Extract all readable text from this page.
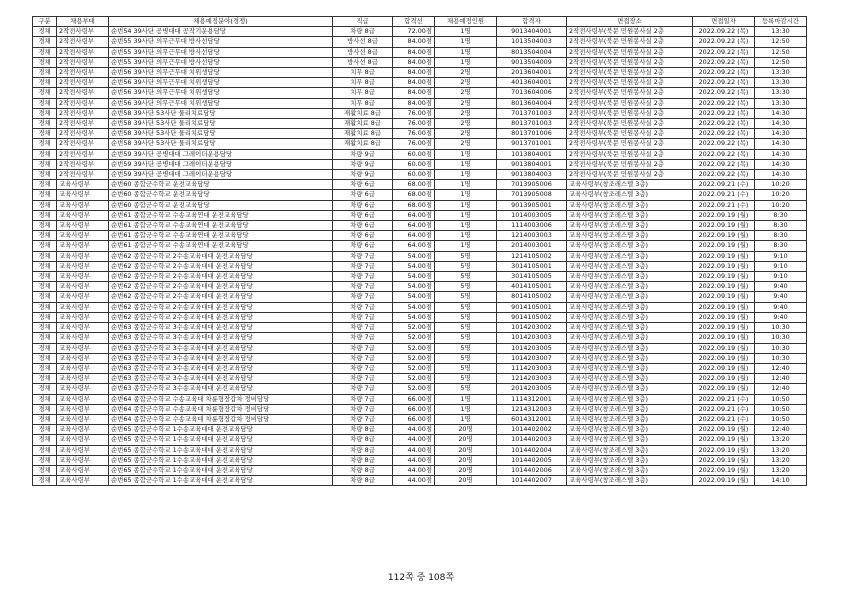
구분	채용부대	채용예정분야(경쟁)	직급	합격선	채용예정인원	합격자	면접장소	면접일자	등록마감시간
경채	2작전사령부	순번54 39사단 공병대대 공작기운용담당	차량 8급	72.00점	1명	9013404001	2작전사령부(북문 민원봉사실 2층	2022.09.22 (목)	13:30
경채	2작전사령부	순번55 39사단 의무근무대 방사선담당	방사선 8급	84.00점	1명	1013504003	2작전사령부(북문 민원봉사실 2층	2022.09.22 (목)	12:50
경채	2작전사령부	순번55 39사단 의무근무대 방사선담당	방사선 8급	84.00점	1명	8013504004	2작전사령부(북문 민원봉사실 2층	2022.09.22 (목)	12:50
경채	2작전사령부	순번55 39사단 의무근무대 방사선담당	방사선 8급	84.00점	1명	9013504009	2작전사령부(북문 민원봉사실 2층	2022.09.22 (목)	12:50
경채	2작전사령부	순번56 39사단 의무근무대 치위생담당	치무 8급	84.00점	2명	2013604001	2작전사령부(북문 민원봉사실 2층	2022.09.22 (목)	13:30
경채	2작전사령부	순번56 39사단 의무근무대 치위생담당	치무 8급	84.00점	2명	4013604001	2작전사령부(북문 민원봉사실 2층	2022.09.22 (목)	13:30
경채	2작전사령부	순번56 39사단 의무근무대 치위생담당	치무 8급	84.00점	2명	7013604006	2작전사령부(북문 민원봉사실 2층	2022.09.22 (목)	13:30
경채	2작전사령부	순번56 39사단 의무근무대 치위생담당	치무 8급	84.00점	2명	8013604004	2작전사령부(북문 민원봉사실 2층	2022.09.22 (목)	13:30
경채	2작전사령부	순번58 39사단 53사단 물리치료담당	재활치료 8급	76.00점	2명	7013701003	2작전사령부(북문 민원봉사실 2층	2022.09.22 (목)	14:30
경채	2작전사령부	순번58 39사단 53사단 물리치료담당	재활치료 8급	76.00점	2명	8013701003	2작전사령부(북문 민원봉사실 2층	2022.09.22 (목)	14:30
경채	2작전사령부	순번58 39사단 53사단 물리치료담당	재활치료 8급	76.00점	2명	8013701006	2작전사령부(북문 민원봉사실 2층	2022.09.22 (목)	14:30
경채	2작전사령부	순번58 39사단 53사단 물리치료담당	재활치료 8급	76.00점	2명	9013701001	2작전사령부(북문 민원봉사실 2층	2022.09.22 (목)	14:30
경채	2작전사령부	순번59 39사단 공병대대 그레이더운용담당	차량 9급	60.00점	1명	1013804001	2작전사령부(북문 민원봉사실 2층	2022.09.22 (목)	14:30
경채	2작전사령부	순번59 39사단 공병대대 그레이더운용담당	차량 9급	60.00점	1명	9013804001	2작전사령부(북문 민원봉사실 2층	2022.09.22 (목)	14:30
경채	2작전사령부	순번59 39사단 공병대대 그레이더운용담당	차량 9급	60.00점	1명	9013804003	2작전사령부(북문 민원봉사실 2층	2022.09.22 (목)	14:30
경채	교육사령부	순번60 종합군수학교 운전교육담당	차량 6급	68.00점	1명	7013905006	교육사령부(창조레스텔 3층)	2022.09.21 (수)	10:20
경채	교육사령부	순번60 종합군수학교 운전교육담당	차량 6급	68.00점	1명	7013905008	교육사령부(창조레스텔 3층)	2022.09.21 (수)	10:20
경채	교육사령부	순번60 종합군수학교 운전교육담당	차량 6급	68.00점	1명	9013905001	교육사령부(창조레스텔 3층)	2022.09.21 (수)	10:20
경채	교육사령부	순번61 종합군수학교 수송교육연대 운전교육담당	차량 6급	64.00점	1명	1014003005	교육사령부(창조레스텔 3층)	2022.09.19 (월)	8:30
경채	교육사령부	순번61 종합군수학교 수송교육연대 운전교육담당	차량 6급	64.00점	1명	1114003006	교육사령부(창조레스텔 3층)	2022.09.19 (월)	8:30
경채	교육사령부	순번61 종합군수학교 수송교육연대 운전교육담당	차량 6급	64.00점	1명	1214003003	교육사령부(창조레스텔 3층)	2022.09.19 (월)	8:30
경채	교육사령부	순번61 종합군수학교 수송교육연대 운전교육담당	차량 6급	64.00점	1명	2014003001	교육사령부(창조레스텔 3층)	2022.09.19 (월)	8:30
경채	교육사령부	순번62 종합군수학교 2수송교육대대 운전교육담당	차량 7급	54.00점	5명	1214105002	교육사령부(창조레스텔 3층)	2022.09.19 (월)	9:10
경채	교육사령부	순번62 종합군수학교 2수송교육대대 운전교육담당	차량 7급	54.00점	5명	3014105001	교육사령부(창조레스텔 3층)	2022.09.19 (월)	9:10
경채	교육사령부	순번62 종합군수학교 2수송교육대대 운전교육담당	차량 7급	54.00점	5명	3014105005	교육사령부(창조레스텔 3층)	2022.09.19 (월)	9:10
경채	교육사령부	순번62 종합군수학교 2수송교육대대 운전교육담당	차량 7급	54.00점	5명	4014105001	교육사령부(창조레스텔 3층)	2022.09.19 (월)	9:40
경채	교육사령부	순번62 종합군수학교 2수송교육대대 운전교육담당	차량 7급	54.00점	5명	8014105002	교육사령부(창조레스텔 3층)	2022.09.19 (월)	9:40
경채	교육사령부	순번62 종합군수학교 2수송교육대대 운전교육담당	차량 7급	54.00점	5명	9014105001	교육사령부(창조레스텔 3층)	2022.09.19 (월)	9:40
경채	교육사령부	순번62 종합군수학교 2수송교육대대 운전교육담당	차량 7급	54.00점	5명	9014105002	교육사령부(창조레스텔 3층)	2022.09.19 (월)	9:40
경채	교육사령부	순번63 종합군수학교 3수송교육대대 운전교육담당	차량 7급	52.00점	5명	1014203002	교육사령부(창조레스텔 3층)	2022.09.19 (월)	10:30
경채	교육사령부	순번63 종합군수학교 3수송교육대대 운전교육담당	차량 7급	52.00점	5명	1014203003	교육사령부(창조레스텔 3층)	2022.09.19 (월)	10:30
경채	교육사령부	순번63 종합군수학교 3수송교육대대 운전교육담당	차량 7급	52.00점	5명	1014203005	교육사령부(창조레스텔 3층)	2022.09.19 (월)	10:30
경채	교육사령부	순번63 종합군수학교 3수송교육대대 운전교육담당	차량 7급	52.00점	5명	1014203007	교육사령부(창조레스텔 3층)	2022.09.19 (월)	10:30
경채	교육사령부	순번63 종합군수학교 3수송교육대대 운전교육담당	차량 7급	52.00점	5명	1114203003	교육사령부(창조레스텔 3층)	2022.09.19 (월)	12:40
경채	교육사령부	순번63 종합군수학교 3수송교육대대 운전교육담당	차량 7급	52.00점	5명	1214203003	교육사령부(창조레스텔 3층)	2022.09.19 (월)	12:40
경채	교육사령부	순번63 종합군수학교 3수송교육대대 운전교육담당	차량 7급	52.00점	5명	2014203005	교육사령부(창조레스텔 3층)	2022.09.19 (월)	12:40
경채	교육사령부	순번64 종합군수학교 수송교육대 차륜형장갑차 정비담당	차량 7급	66.00점	1명	1114312001	교육사령부(창조레스텔 3층)	2022.09.21 (수)	10:50
경채	교육사령부	순번64 종합군수학교 수송교육대 차륜형장갑차 정비담당	차량 7급	66.00점	1명	1214312003	교육사령부(창조레스텔 3층)	2022.09.21 (수)	10:50
경채	교육사령부	순번64 종합군수학교 수송교육대 차륜형장갑차 정비담당	차량 7급	66.00점	1명	6014312001	교육사령부(창조레스텔 3층)	2022.09.21 (수)	10:50
경채	교육사령부	순번65 종합군수학교 1수송교육대대 운전교육담당	차량 8급	44.00점	20명	1014402002	교육사령부(창조레스텔 3층)	2022.09.19 (월)	12:40
경채	교육사령부	순번65 종합군수학교 1수송교육대대 운전교육담당	차량 8급	44.00점	20명	1014402003	교육사령부(창조레스텔 3층)	2022.09.19 (월)	13:20
경채	교육사령부	순번65 종합군수학교 1수송교육대대 운전교육담당	차량 8급	44.00점	20명	1014402004	교육사령부(창조레스텔 3층)	2022.09.19 (월)	13:20
경채	교육사령부	순번65 종합군수학교 1수송교육대대 운전교육담당	차량 8급	44.00점	20명	1014402005	교육사령부(창조레스텔 3층)	2022.09.19 (월)	13:20
경채	교육사령부	순번65 종합군수학교 1수송교육대대 운전교육담당	차량 8급	44.00점	20명	1014402006	교육사령부(창조레스텔 3층)	2022.09.19 (월)	13:20
경채	교육사령부	순번65 종합군수학교 1수송교육대대 운전교육담당	차량 8급	44.00점	20명	1014402007	교육사령부(창조레스텔 3층)	2022.09.19 (월)	14:10
112쪽 중 108쪽
